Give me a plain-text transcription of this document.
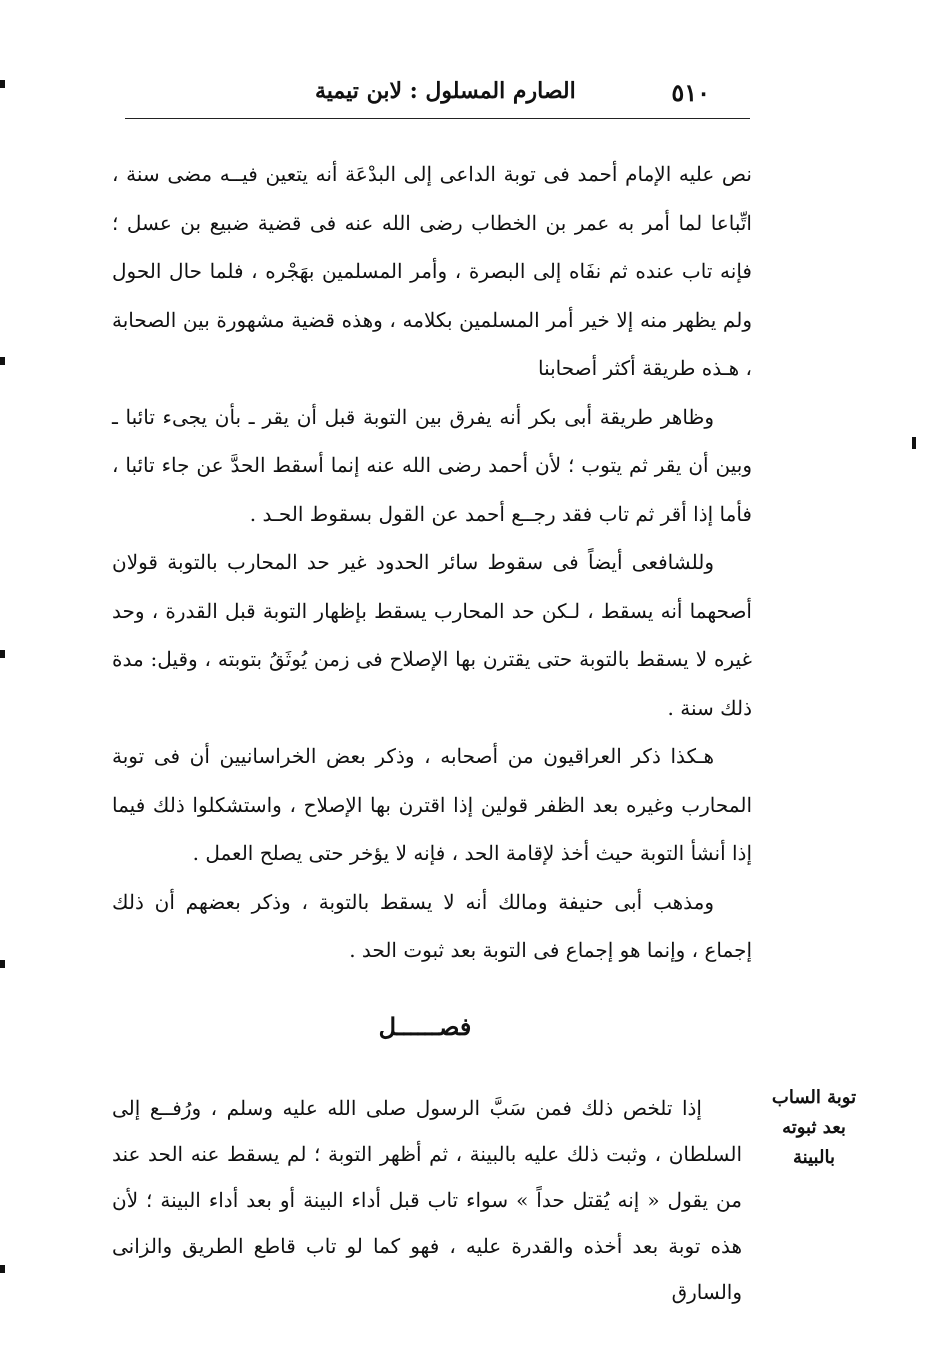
٥١٠
الصارم المسلول : لابن تيمية

نص عليه الإمام أحمد فى توبة الداعى إلى البدْعَة أنه يتعين فيــه مضى سنة ، اتِّباعا لما أمر به عمر بن الخطاب رضى الله عنه فى قضية ضبيع بن عسل ؛ فإنه تاب عنده ثم نفَاه إلى البصرة ، وأمر المسلمين بهَجْره ، فلما حال الحول ولم يظهر منه إلا خير أمر المسلمين بكلامه ، وهذه قضية مشهورة بين الصحابة ، هـذه طريقة أكثر أصحابنا

وظاهر طريقة أبى بكر أنه يفرق بين التوبة قبل أن يقر ـ بأن يجىء تائبا ـ وبين أن يقر ثم يتوب ؛ لأن أحمد رضى الله عنه إنما أسقط الحدَّ عن جاء تائبا ، فأما إذا أقر ثم تاب فقد رجــع أحمد عن القول بسقوط الحـد .

وللشافعى أيضاً فى سقوط سائر الحدود غير حد المحارب بالتوبة قولان أصحهما أنه يسقط ، لـكن حد المحارب يسقط بإظهار التوبة قبل القدرة ، وحد غيره لا يسقط بالتوبة حتى يقترن بها الإصلاح فى زمن يُوثَقُ بتوبته ، وقيل: مدة ذلك سنة .

هـكذا ذكر العراقيون من أصحابه ، وذكر بعض الخراسانيين أن فى توبة المحارب وغيره بعد الظفر قولين إذا اقترن بها الإصلاح ، واستشكلوا ذلك فيما إذا أنشأ التوبة حيث أخذ لإقامة الحد ، فإنه لا يؤخر حتى يصلح العمل .

ومذهب أبى حنيفة ومالك أنه لا يسقط بالتوبة ، وذكر بعضهم أن ذلك إجماع ، وإنما هو إجماع فى التوبة بعد ثبوت الحد .

فصــــــل
توبة الساب
بعد ثبوته
بالبينة

إذا تلخص ذلك فمن سَبَّ الرسول صلى الله عليه وسلم ، ورُفــع إلى السلطان ، وثبت ذلك عليه بالبينة ، ثم أظهر التوبة ؛ لم يسقط عنه الحد عند من يقول « إنه يُقتل حداً » سواء تاب قبل أداء البينة أو بعد أداء البينة ؛ لأن هذه توبة بعد أخذه والقدرة عليه ، فهو كما لو تاب قاطع الطريق والزانى والسارق
